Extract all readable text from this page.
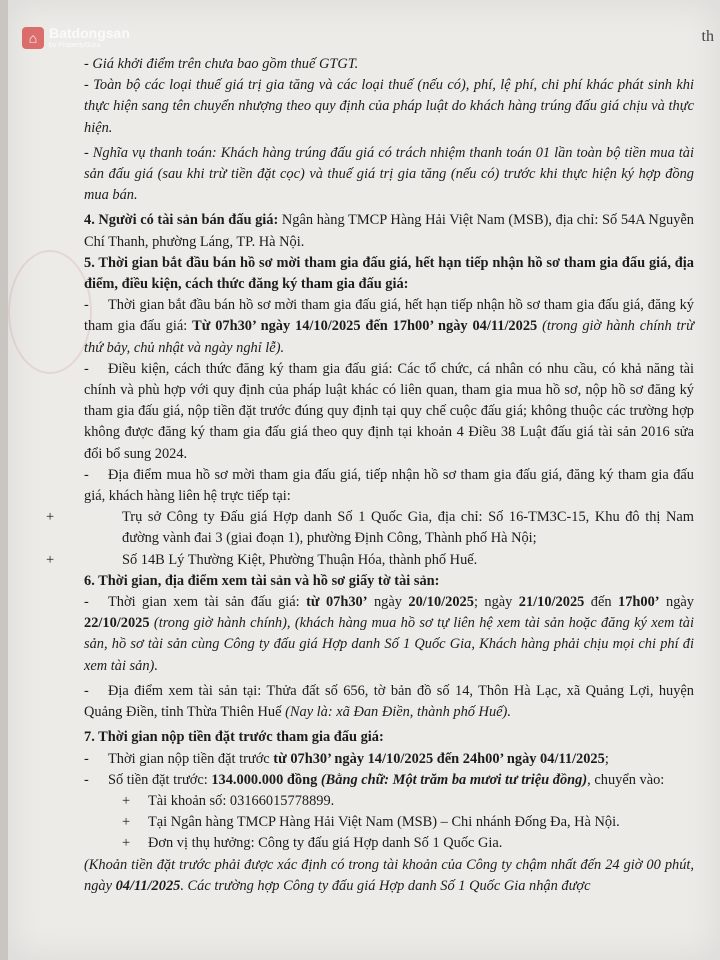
⌂ Batdongsan
by PropertyGuru
th

- Giá khởi điểm trên chưa bao gồm thuế GTGT.

- Toàn bộ các loại thuế giá trị gia tăng và các loại thuế (nếu có), phí, lệ phí, chi phí khác phát sinh khi thực hiện sang tên chuyển nhượng theo quy định của pháp luật do khách hàng trúng đấu giá chịu và thực hiện.

- Nghĩa vụ thanh toán: Khách hàng trúng đấu giá có trách nhiệm thanh toán 01 lần toàn bộ tiền mua tài sản đấu giá (sau khi trừ tiền đặt cọc) và thuế giá trị gia tăng (nếu có) trước khi thực hiện ký hợp đồng mua bán.

4. Người có tài sản bán đấu giá: Ngân hàng TMCP Hàng Hải Việt Nam (MSB), địa chỉ: Số 54A Nguyễn Chí Thanh, phường Láng, TP. Hà Nội.

5. Thời gian bắt đầu bán hồ sơ mời tham gia đấu giá, hết hạn tiếp nhận hồ sơ tham gia đấu giá, địa điểm, điều kiện, cách thức đăng ký tham gia đấu giá:

- Thời gian bắt đầu bán hồ sơ mời tham gia đấu giá, hết hạn tiếp nhận hồ sơ tham gia đấu giá, đăng ký tham gia đấu giá: Từ 07h30’ ngày 14/10/2025 đến 17h00’ ngày 04/11/2025 (trong giờ hành chính trừ thứ bảy, chủ nhật và ngày nghỉ lễ).

- Điều kiện, cách thức đăng ký tham gia đấu giá: Các tổ chức, cá nhân có nhu cầu, có khả năng tài chính và phù hợp với quy định của pháp luật khác có liên quan, tham gia mua hồ sơ, nộp hồ sơ đăng ký tham gia đấu giá, nộp tiền đặt trước đúng quy định tại quy chế cuộc đấu giá; không thuộc các trường hợp không được đăng ký tham gia đấu giá theo quy định tại khoản 4 Điều 38 Luật đấu giá tài sản 2016 sửa đổi bổ sung 2024.

- Địa điểm mua hồ sơ mời tham gia đấu giá, tiếp nhận hồ sơ tham gia đấu giá, đăng ký tham gia đấu giá, khách hàng liên hệ trực tiếp tại:

+	Trụ sở Công ty Đấu giá Hợp danh Số 1 Quốc Gia, địa chỉ: Số 16-TM3C-15, Khu đô thị Nam đường vành đai 3 (giai đoạn 1), phường Định Công, Thành phố Hà Nội;

+	Số 14B Lý Thường Kiệt, Phường Thuận Hóa, thành phố Huế.

6. Thời gian, địa điểm xem tài sản và hồ sơ giấy tờ tài sản:

- Thời gian xem tài sản đấu giá: từ 07h30’ ngày 20/10/2025; ngày 21/10/2025 đến 17h00’ ngày 22/10/2025 (trong giờ hành chính), (khách hàng mua hồ sơ tự liên hệ xem tài sản hoặc đăng ký xem tài sản, hồ sơ tài sản cùng Công ty đấu giá Hợp danh Số 1 Quốc Gia, Khách hàng phải chịu mọi chi phí đi xem tài sản).

- Địa điểm xem tài sản tại: Thửa đất số 656, tờ bản đồ số 14, Thôn Hà Lạc, xã Quảng Lợi, huyện Quảng Điền, tỉnh Thừa Thiên Huế (Nay là: xã Đan Điền, thành phố Huế).

7. Thời gian nộp tiền đặt trước tham gia đấu giá:

- Thời gian nộp tiền đặt trước từ 07h30’ ngày 14/10/2025 đến 24h00’ ngày 04/11/2025;

- Số tiền đặt trước: 134.000.000 đồng (Bằng chữ: Một trăm ba mươi tư triệu đồng), chuyển vào:

+ Tài khoản số: 03166015778899.

+ Tại Ngân hàng TMCP Hàng Hải Việt Nam (MSB) – Chi nhánh Đống Đa, Hà Nội.

+ Đơn vị thụ hưởng: Công ty đấu giá Hợp danh Số 1 Quốc Gia.

(Khoản tiền đặt trước phải được xác định có trong tài khoản của Công ty chậm nhất đến 24 giờ 00 phút, ngày 04/11/2025. Các trường hợp Công ty đấu giá Hợp danh Số 1 Quốc Gia nhận được
